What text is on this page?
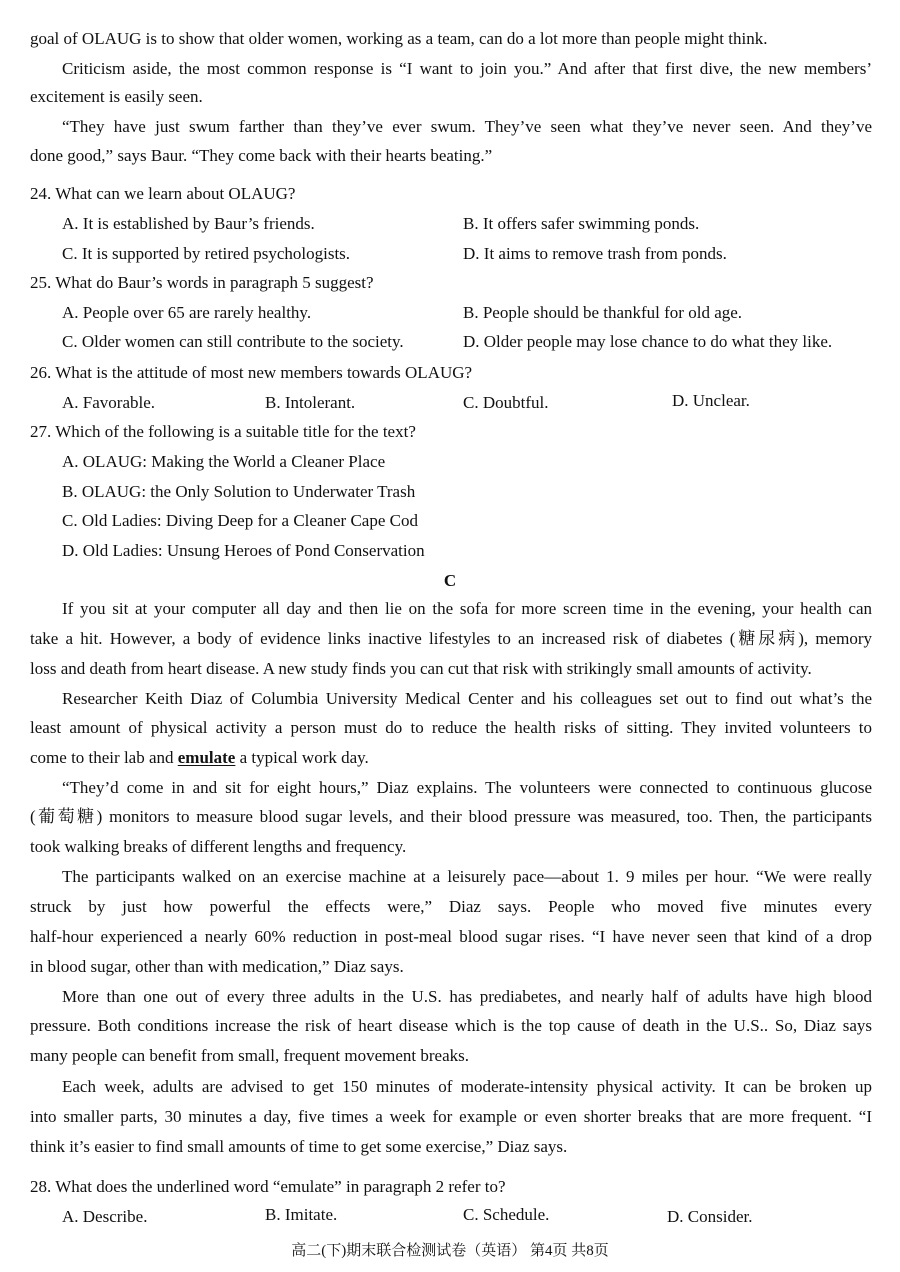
goal of OLAUG is to show that older women, working as a team, can do a lot more than people might think.
Criticism aside, the most common response is “I want to join you.” And after that first dive, the new members’
excitement is easily seen.
“They have just swum farther than they’ve ever swum. They’ve seen what they’ve never seen. And they’ve
done good,” says Baur. “They come back with their hearts beating.”
24. What can we learn about OLAUG?
A. It is established by Baur’s friends.	B. It offers safer swimming ponds.
C. It is supported by retired psychologists.	D. It aims to remove trash from ponds.
25. What do Baur’s words in paragraph 5 suggest?
A. People over 65 are rarely healthy.	B. People should be thankful for old age.
C. Older women can still contribute to the society.	D. Older people may lose chance to do what they like.
26. What is the attitude of most new members towards OLAUG?
A. Favorable.	B. Intolerant.	C. Doubtful.	D. Unclear.
27. Which of the following is a suitable title for the text?
A. OLAUG: Making the World a Cleaner Place
B. OLAUG: the Only Solution to Underwater Trash
C. Old Ladies: Diving Deep for a Cleaner Cape Cod
D. Old Ladies: Unsung Heroes of Pond Conservation
C
If you sit at your computer all day and then lie on the sofa for more screen time in the evening, your health can
take a hit. However, a body of evidence links inactive lifestyles to an increased risk of diabetes (糖尿病), memory
loss and death from heart disease. A new study finds you can cut that risk with strikingly small amounts of activity.
Researcher Keith Diaz of Columbia University Medical Center and his colleagues set out to find out what’s the
least amount of physical activity a person must do to reduce the health risks of sitting. They invited volunteers to
come to their lab and emulate a typical work day.
“They’d come in and sit for eight hours,” Diaz explains. The volunteers were connected to continuous glucose
(葡萄糖) monitors to measure blood sugar levels, and their blood pressure was measured, too. Then, the participants
took walking breaks of different lengths and frequency.
The participants walked on an exercise machine at a leisurely pace—about 1. 9 miles per hour. “We were really
struck by just how powerful the effects were,” Diaz says. People who moved five minutes every
half-hour experienced a nearly 60% reduction in post-meal blood sugar rises. “I have never seen that kind of a drop
in blood sugar, other than with medication,” Diaz says.
More than one out of every three adults in the U.S. has prediabetes, and nearly half of adults have high blood
pressure. Both conditions increase the risk of heart disease which is the top cause of death in the U.S.. So, Diaz says
many people can benefit from small, frequent movement breaks.
Each week, adults are advised to get 150 minutes of moderate-intensity physical activity. It can be broken up
into smaller parts, 30 minutes a day, five times a week for example or even shorter breaks that are more frequent. “I
think it’s easier to find small amounts of time to get some exercise,” Diaz says.
28. What does the underlined word “emulate” in paragraph 2 refer to?
A. Describe.	B. Imitate.	C. Schedule.	D. Consider.
高二(下)期末联合检测试卷（英语） 第4页 共8页
